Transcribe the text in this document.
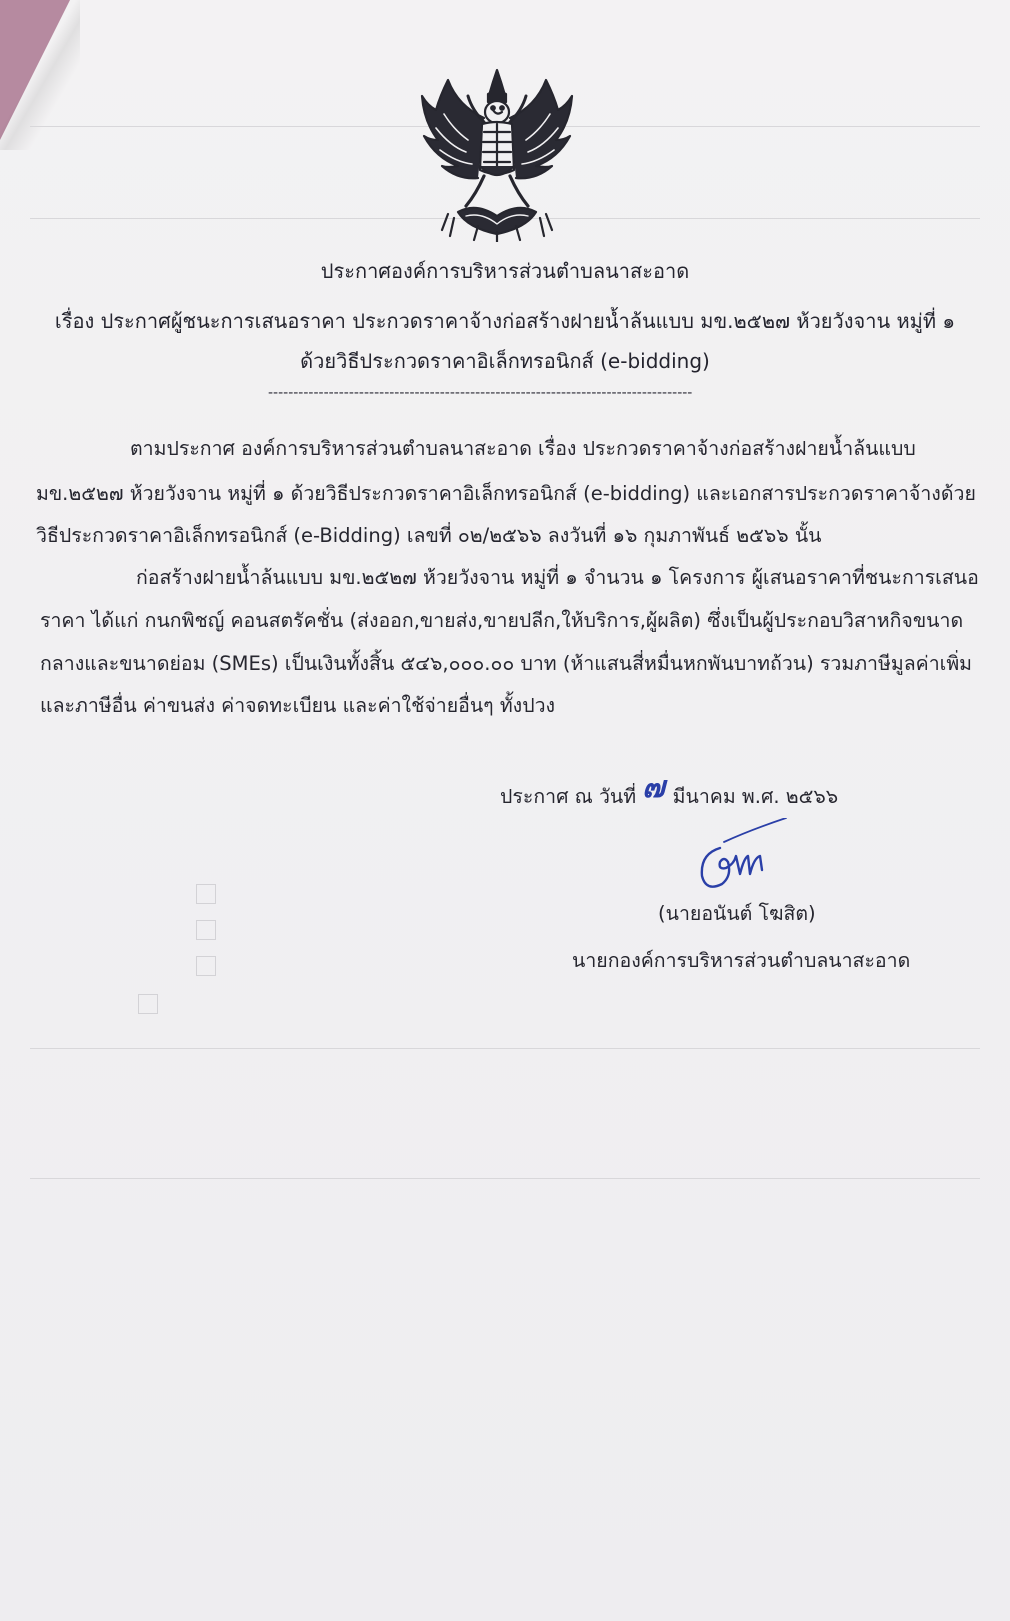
ประกาศองค์การบริหารส่วนตำบลนาสะอาด
เรื่อง ประกาศผู้ชนะการเสนอราคา ประกวดราคาจ้างก่อสร้างฝายน้ำล้นแบบ มข.๒๕๒๗ ห้วยวังจาน หมู่ที่ ๑
ด้วยวิธีประกวดราคาอิเล็กทรอนิกส์ (e-bidding)
------------------------------------------------------------------------------------
ตามประกาศ องค์การบริหารส่วนตำบลนาสะอาด เรื่อง ประกวดราคาจ้างก่อสร้างฝายน้ำล้นแบบ
มข.๒๕๒๗ ห้วยวังจาน หมู่ที่ ๑ ด้วยวิธีประกวดราคาอิเล็กทรอนิกส์ (e-bidding) และเอกสารประกวดราคาจ้างด้วย
วิธีประกวดราคาอิเล็กทรอนิกส์ (e-Bidding) เลขที่ ๐๒/๒๕๖๖ ลงวันที่ ๑๖ กุมภาพันธ์ ๒๕๖๖ นั้น
ก่อสร้างฝายน้ำล้นแบบ มข.๒๕๒๗ ห้วยวังจาน หมู่ที่ ๑ จำนวน ๑ โครงการ ผู้เสนอราคาที่ชนะการเสนอ
ราคา ได้แก่ กนกพิชญ์ คอนสตรัคชั่น (ส่งออก,ขายส่ง,ขายปลีก,ให้บริการ,ผู้ผลิต) ซึ่งเป็นผู้ประกอบวิสาหกิจขนาด
กลางและขนาดย่อม (SMEs) เป็นเงินทั้งสิ้น ๕๔๖,๐๐๐.๐๐ บาท (ห้าแสนสี่หมื่นหกพันบาทถ้วน) รวมภาษีมูลค่าเพิ่ม
และภาษีอื่น ค่าขนส่ง ค่าจดทะเบียน และค่าใช้จ่ายอื่นๆ ทั้งปวง
ประกาศ ณ วันที่ ๗ มีนาคม พ.ศ. ๒๕๖๖
(นายอนันต์ โฆสิต)
นายกองค์การบริหารส่วนตำบลนาสะอาด
